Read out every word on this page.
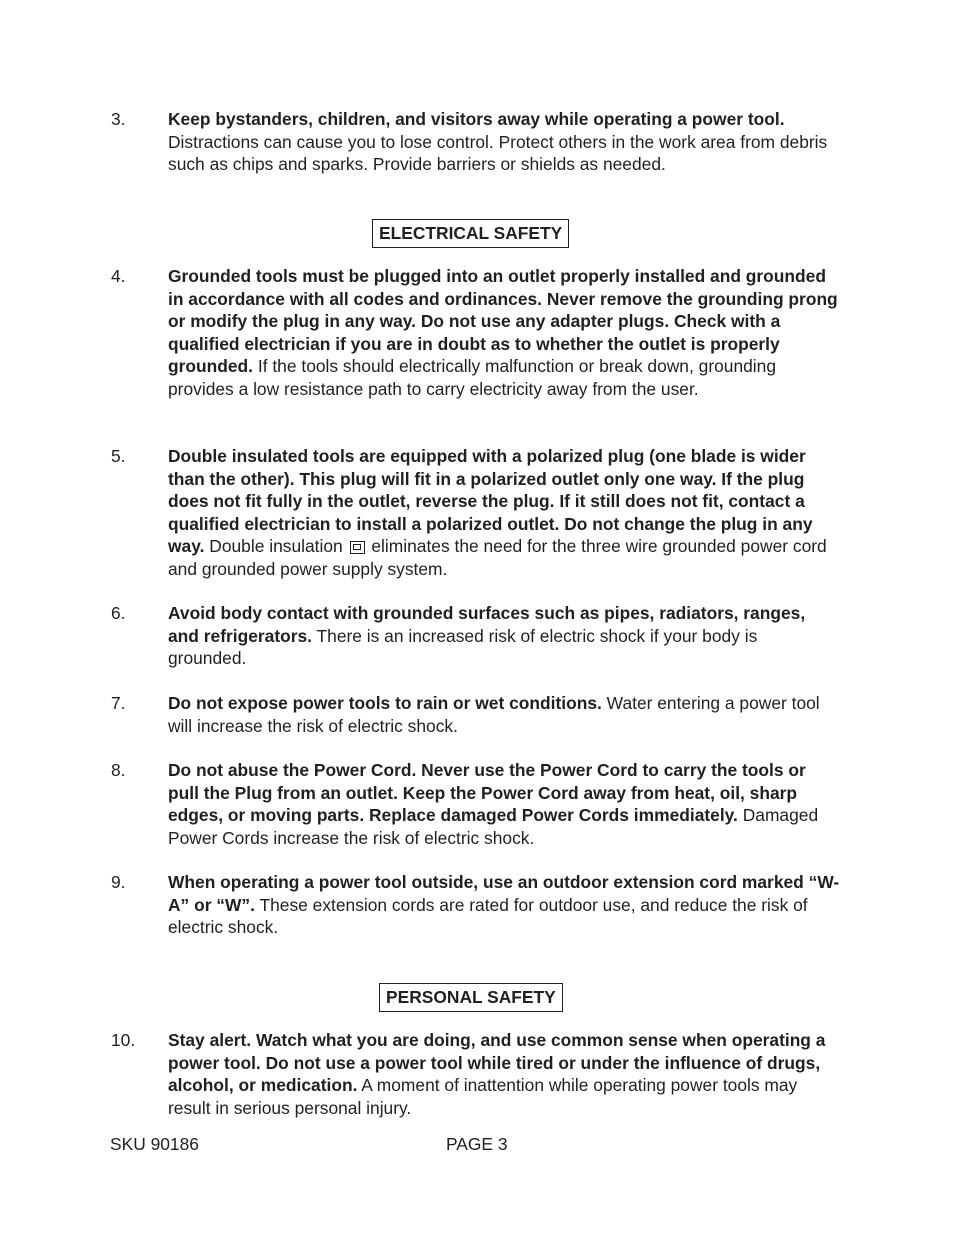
3. Keep bystanders, children, and visitors away while operating a power tool. Distractions can cause you to lose control. Protect others in the work area from debris such as chips and sparks. Provide barriers or shields as needed.
ELECTRICAL SAFETY
4. Grounded tools must be plugged into an outlet properly installed and grounded in accordance with all codes and ordinances. Never remove the grounding prong or modify the plug in any way. Do not use any adapter plugs. Check with a qualified electrician if you are in doubt as to whether the outlet is properly grounded. If the tools should electrically malfunction or break down, grounding provides a low resistance path to carry electricity away from the user.
5. Double insulated tools are equipped with a polarized plug (one blade is wider than the other). This plug will fit in a polarized outlet only one way. If the plug does not fit fully in the outlet, reverse the plug. If it still does not fit, contact a qualified electrician to install a polarized outlet. Do not change the plug in any way. Double insulation eliminates the need for the three wire grounded power cord and grounded power supply system.
6. Avoid body contact with grounded surfaces such as pipes, radiators, ranges, and refrigerators. There is an increased risk of electric shock if your body is grounded.
7. Do not expose power tools to rain or wet conditions. Water entering a power tool will increase the risk of electric shock.
8. Do not abuse the Power Cord. Never use the Power Cord to carry the tools or pull the Plug from an outlet. Keep the Power Cord away from heat, oil, sharp edges, or moving parts. Replace damaged Power Cords immediately. Damaged Power Cords increase the risk of electric shock.
9. When operating a power tool outside, use an outdoor extension cord marked “W-A” or “W”. These extension cords are rated for outdoor use, and reduce the risk of electric shock.
PERSONAL SAFETY
10. Stay alert. Watch what you are doing, and use common sense when operating a power tool. Do not use a power tool while tired or under the influence of drugs, alcohol, or medication. A moment of inattention while operating power tools may result in serious personal injury.
SKU 90186	PAGE 3
